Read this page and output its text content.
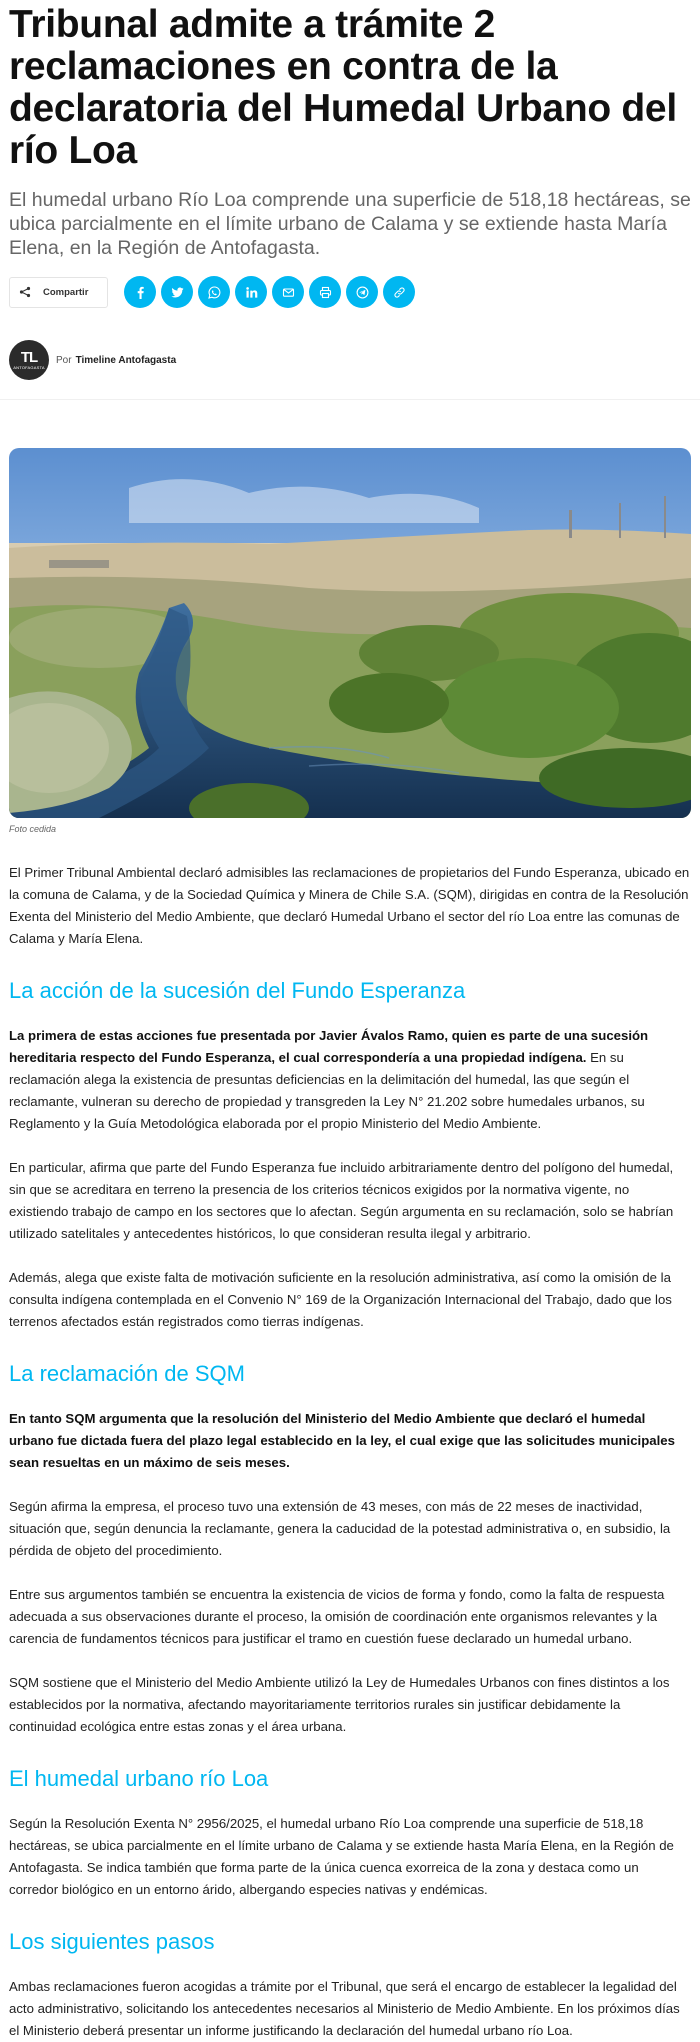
Tribunal admite a trámite 2 reclamaciones en contra de la declaratoria del Humedal Urbano del río Loa

El humedal urbano Río Loa comprende una superficie de 518,18 hectáreas, se ubica parcialmente en el límite urbano de Calama y se extiende hasta María Elena, en la Región de Antofagasta.

Compartir
TL
ANTOFAGASTA
Por Timeline Antofagasta
Foto cedida

El Primer Tribunal Ambiental declaró admisibles las reclamaciones de propietarios del Fundo Esperanza, ubicado en la comuna de Calama, y de la Sociedad Química y Minera de Chile S.A. (SQM), dirigidas en contra de la Resolución Exenta del Ministerio del Medio Ambiente, que declaró Humedal Urbano el sector del río Loa entre las comunas de Calama y María Elena.

La acción de la sucesión del Fundo Esperanza

La primera de estas acciones fue presentada por Javier Ávalos Ramo, quien es parte de una sucesión hereditaria respecto del Fundo Esperanza, el cual correspondería a una propiedad indígena. En su reclamación alega la existencia de presuntas deficiencias en la delimitación del humedal, las que según el reclamante, vulneran su derecho de propiedad y transgreden la Ley N° 21.202 sobre humedales urbanos, su Reglamento y la Guía Metodológica elaborada por el propio Ministerio del Medio Ambiente.

En particular, afirma que parte del Fundo Esperanza fue incluido arbitrariamente dentro del polígono del humedal, sin que se acreditara en terreno la presencia de los criterios técnicos exigidos por la normativa vigente, no existiendo trabajo de campo en los sectores que lo afectan. Según argumenta en su reclamación, solo se habrían utilizado satelitales y antecedentes históricos, lo que consideran resulta ilegal y arbitrario.

Además, alega que existe falta de motivación suficiente en la resolución administrativa, así como la omisión de la consulta indígena contemplada en el Convenio N° 169 de la Organización Internacional del Trabajo, dado que los terrenos afectados están registrados como tierras indígenas.

La reclamación de SQM

En tanto SQM argumenta que la resolución del Ministerio del Medio Ambiente que declaró el humedal urbano fue dictada fuera del plazo legal establecido en la ley, el cual exige que las solicitudes municipales sean resueltas en un máximo de seis meses.

Según afirma la empresa, el proceso tuvo una extensión de 43 meses, con más de 22 meses de inactividad, situación que, según denuncia la reclamante, genera la caducidad de la potestad administrativa o, en subsidio, la pérdida de objeto del procedimiento.

Entre sus argumentos también se encuentra la existencia de vicios de forma y fondo, como la falta de respuesta adecuada a sus observaciones durante el proceso, la omisión de coordinación ente organismos relevantes y la carencia de fundamentos técnicos para justificar el tramo en cuestión fuese declarado un humedal urbano.

SQM sostiene que el Ministerio del Medio Ambiente utilizó la Ley de Humedales Urbanos con fines distintos a los establecidos por la normativa, afectando mayoritariamente territorios rurales sin justificar debidamente la continuidad ecológica entre estas zonas y el área urbana.

El humedal urbano río Loa

Según la Resolución Exenta N° 2956/2025, el humedal urbano Río Loa comprende una superficie de 518,18 hectáreas, se ubica parcialmente en el límite urbano de Calama y se extiende hasta María Elena, en la Región de Antofagasta. Se indica también que forma parte de la única cuenca exorreica de la zona y destaca como un corredor biológico en un entorno árido, albergando especies nativas y endémicas.

Los siguientes pasos

Ambas reclamaciones fueron acogidas a trámite por el Tribunal, que será el encargo de establecer la legalidad del acto administrativo, solicitando los antecedentes necesarios al Ministerio de Medio Ambiente. En los próximos días el Ministerio deberá presentar un informe justificando la declaración del humedal urbano río Loa.
